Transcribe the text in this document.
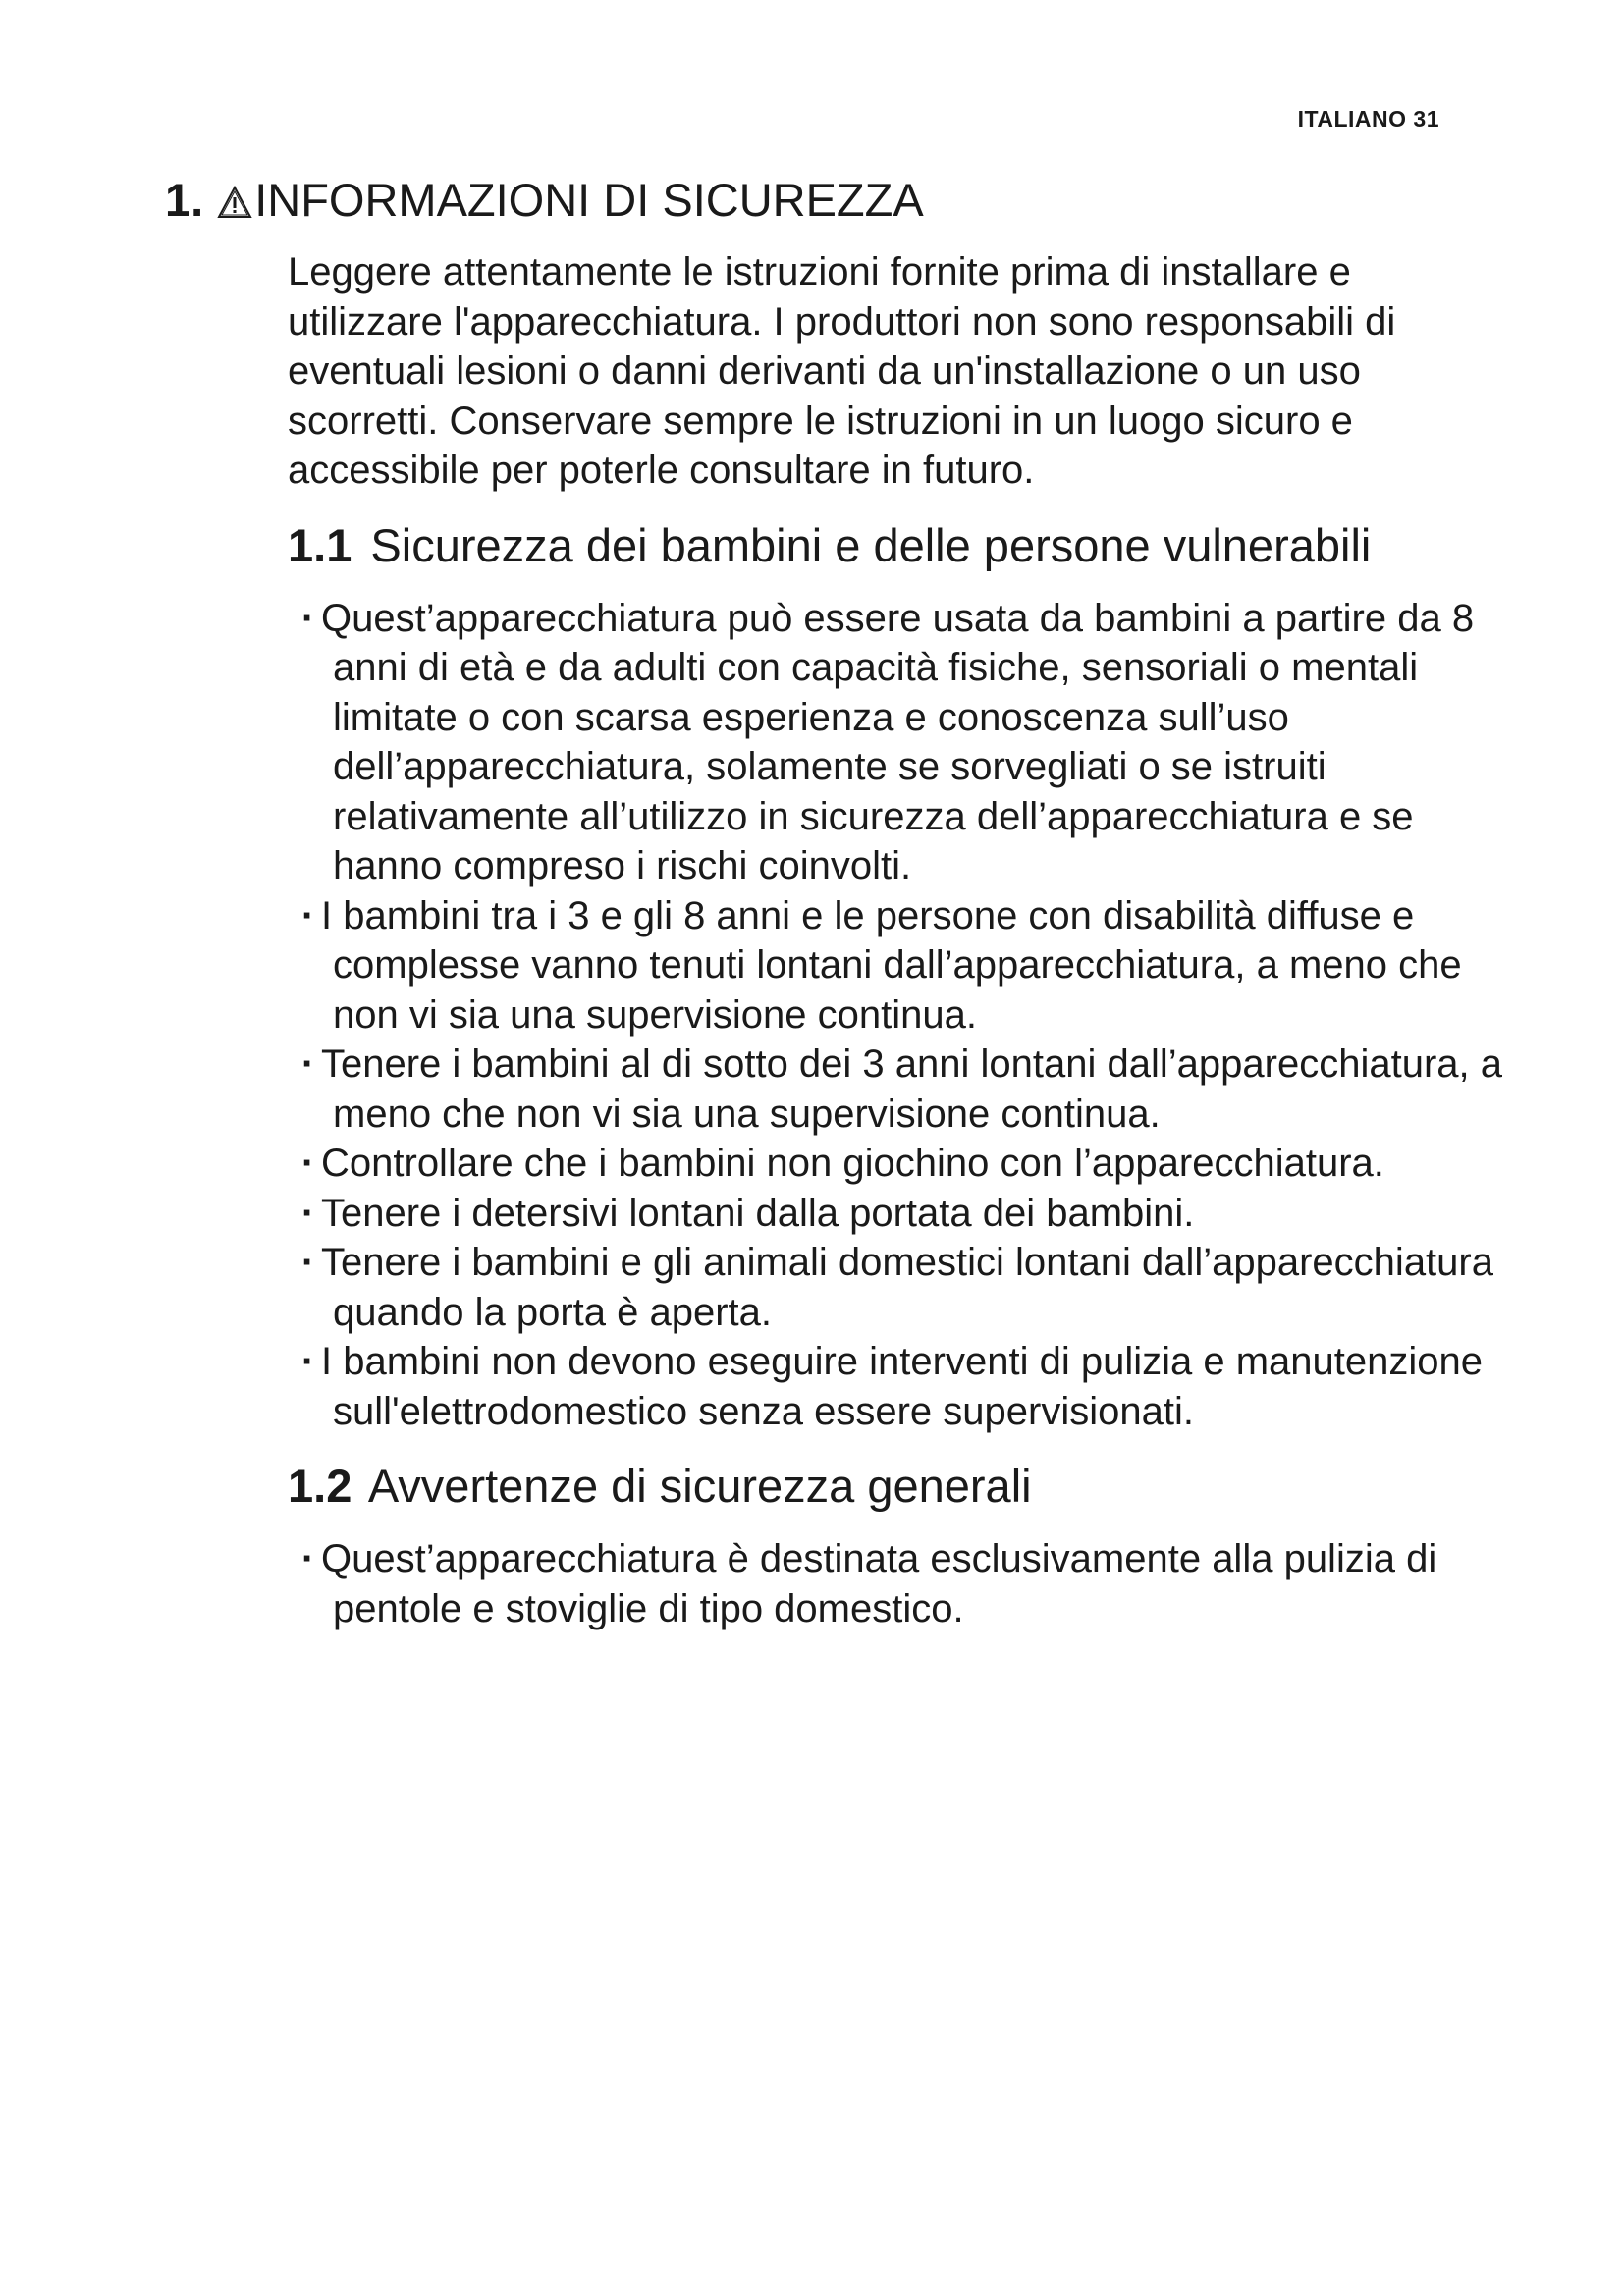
ITALIANO 31
1. INFORMAZIONI DI SICUREZZA

Leggere attentamente le istruzioni fornite prima di installare e utilizzare l'apparecchiatura. I produttori non sono responsabili di eventuali lesioni o danni derivanti da un'installazione o un uso scorretti. Conservare sempre le istruzioni in un luogo sicuro e accessibile per poterle consultare in futuro.

1.1 Sicurezza dei bambini e delle persone vulnerabili
· Quest’apparecchiatura può essere usata da bambini a partire da 8 anni di età e da adulti con capacità fisiche, sensoriali o mentali limitate o con scarsa esperienza e conoscenza sull’uso dell’apparecchiatura, solamente se sorvegliati o se istruiti relativamente all’utilizzo in sicurezza dell’apparecchiatura e se hanno compreso i rischi coinvolti.
· I bambini tra i 3 e gli 8 anni e le persone con disabilità diffuse e complesse vanno tenuti lontani dall’apparecchiatura, a meno che non vi sia una supervisione continua.
· Tenere i bambini al di sotto dei 3 anni lontani dall’apparecchiatura, a meno che non vi sia una supervisione continua.
· Controllare che i bambini non giochino con l’apparecchiatura.
· Tenere i detersivi lontani dalla portata dei bambini.
· Tenere i bambini e gli animali domestici lontani dall’apparecchiatura quando la porta è aperta.
· I bambini non devono eseguire interventi di pulizia e manutenzione sull'elettrodomestico senza essere supervisionati.
1.2 Avvertenze di sicurezza generali
· Quest’apparecchiatura è destinata esclusivamente alla pulizia di pentole e stoviglie di tipo domestico.
